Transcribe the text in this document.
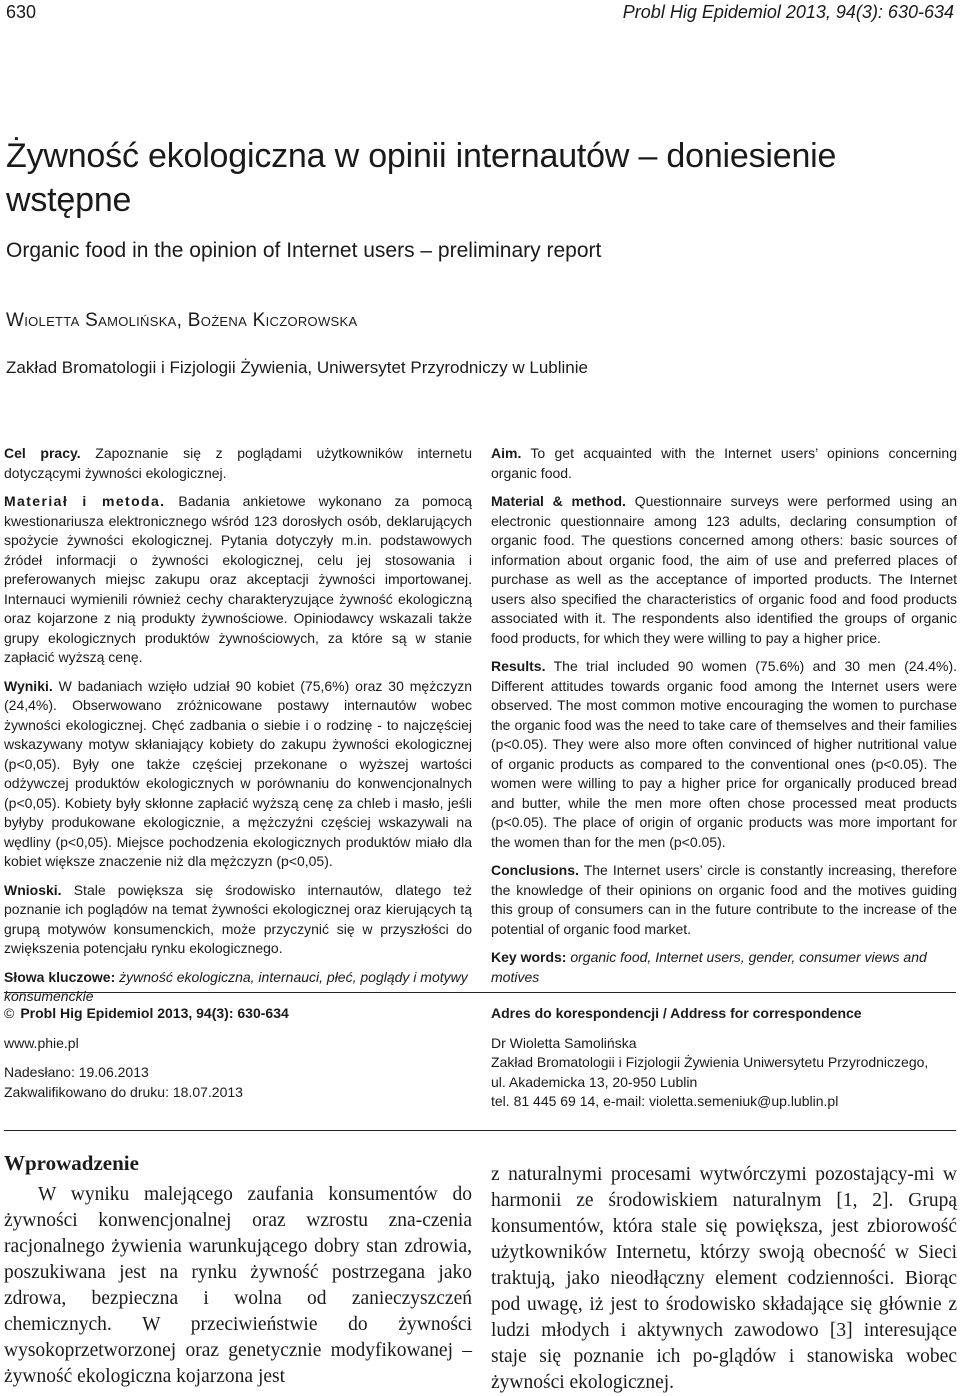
630	Probl Hig Epidemiol 2013, 94(3): 630-634
Żywność ekologiczna w opinii internautów – doniesienie wstępne
Organic food in the opinion of Internet users – preliminary report
Wioletta Samolińska, Bożena Kiczorowska
Zakład Bromatologii i Fizjologii Żywienia, Uniwersytet Przyrodniczy w Lublinie

Cel pracy. Zapoznanie się z poglądami użytkowników internetu dotyczącymi żywności ekologicznej.

Materiał i metoda. Badania ankietowe wykonano za pomocą kwestionariusza elektronicznego wśród 123 dorosłych osób, deklarujących spożycie żywności ekologicznej. Pytania dotyczyły m.in. podstawowych źródeł informacji o żywności ekologicznej, celu jej stosowania i preferowanych miejsc zakupu oraz akceptacji żywności importowanej. Internauci wymienili również cechy charakteryzujące żywność ekologiczną oraz kojarzone z nią produkty żywnościowe. Opiniodawcy wskazali także grupy ekologicznych produktów żywnościowych, za które są w stanie zapłacić wyższą cenę.

Wyniki. W badaniach wzięło udział 90 kobiet (75,6%) oraz 30 mężczyzn (24,4%). Obserwowano zróżnicowane postawy internautów wobec żywności ekologicznej. Chęć zadbania o siebie i o rodzinę - to najczęściej wskazywany motyw skłaniający kobiety do zakupu żywności ekologicznej (p<0,05). Były one także częściej przekonane o wyższej wartości odżywczej produktów ekologicznych w porównaniu do konwencjonalnych (p<0,05). Kobiety były skłonne zapłacić wyższą cenę za chleb i masło, jeśli byłyby produkowane ekologicznie, a mężczyźni częściej wskazywali na wędliny (p<0,05). Miejsce pochodzenia ekologicznych produktów miało dla kobiet większe znaczenie niż dla mężczyzn (p<0,05).

Wnioski. Stale powiększa się środowisko internautów, dlatego też poznanie ich poglądów na temat żywności ekologicznej oraz kierujących tą grupą motywów konsumenckich, może przyczynić się w przyszłości do zwiększenia potencjału rynku ekologicznego.

Słowa kluczowe: żywność ekologiczna, internauci, płeć, poglądy i motywy konsumenckie

Aim. To get acquainted with the Internet users’ opinions concerning organic food.

Material & method. Questionnaire surveys were performed using an electronic questionnaire among 123 adults, declaring consumption of organic food. The questions concerned among others: basic sources of information about organic food, the aim of use and preferred places of purchase as well as the acceptance of imported products. The Internet users also specified the characteristics of organic food and food products associated with it. The respondents also identified the groups of organic food products, for which they were willing to pay a higher price.

Results. The trial included 90 women (75.6%) and 30 men (24.4%). Different attitudes towards organic food among the Internet users were observed. The most common motive encouraging the women to purchase the organic food was the need to take care of themselves and their families (p<0.05). They were also more often convinced of higher nutritional value of organic products as compared to the conventional ones (p<0.05). The women were willing to pay a higher price for organically produced bread and butter, while the men more often chose processed meat products (p<0.05). The place of origin of organic products was more important for the women than for the men (p<0.05).

Conclusions. The Internet users’ circle is constantly increasing, therefore the knowledge of their opinions on organic food and the motives guiding this group of consumers can in the future contribute to the increase of the potential of organic food market.

Key words: organic food, Internet users, gender, consumer views and motives

© Probl Hig Epidemiol 2013, 94(3): 630-634
www.phie.pl
Nadesłano: 19.06.2013
Zakwalifikowano do druku: 18.07.2013
Adres do korespondencji / Address for correspondence
Dr Wioletta Samolińska
Zakład Bromatologii i Fizjologii Żywienia Uniwersytetu Przyrodniczego,
ul. Akademicka 13, 20-950 Lublin
tel. 81 445 69 14, e-mail: violetta.semeniuk@up.lublin.pl
Wprowadzenie

W wyniku malejącego zaufania konsumentów do żywności konwencjonalnej oraz wzrostu zna-czenia racjonalnego żywienia warunkującego dobry stan zdrowia, poszukiwana jest na rynku żywność postrzegana jako zdrowa, bezpieczna i wolna od zanieczyszczeń chemicznych. W przeciwieństwie do żywności wysokoprzetworzonej oraz genetycznie modyfikowanej – żywność ekologiczna kojarzona jest

z naturalnymi procesami wytwórczymi pozostający-mi w harmonii ze środowiskiem naturalnym [1, 2]. Grupą konsumentów, która stale się powiększa, jest zbiorowość użytkowników Internetu, którzy swoją obecność w Sieci traktują, jako nieodłączny element codzienności. Biorąc pod uwagę, iż jest to środowisko składające się głównie z ludzi młodych i aktywnych zawodowo [3] interesujące staje się poznanie ich po-glądów i stanowiska wobec żywności ekologicznej.
